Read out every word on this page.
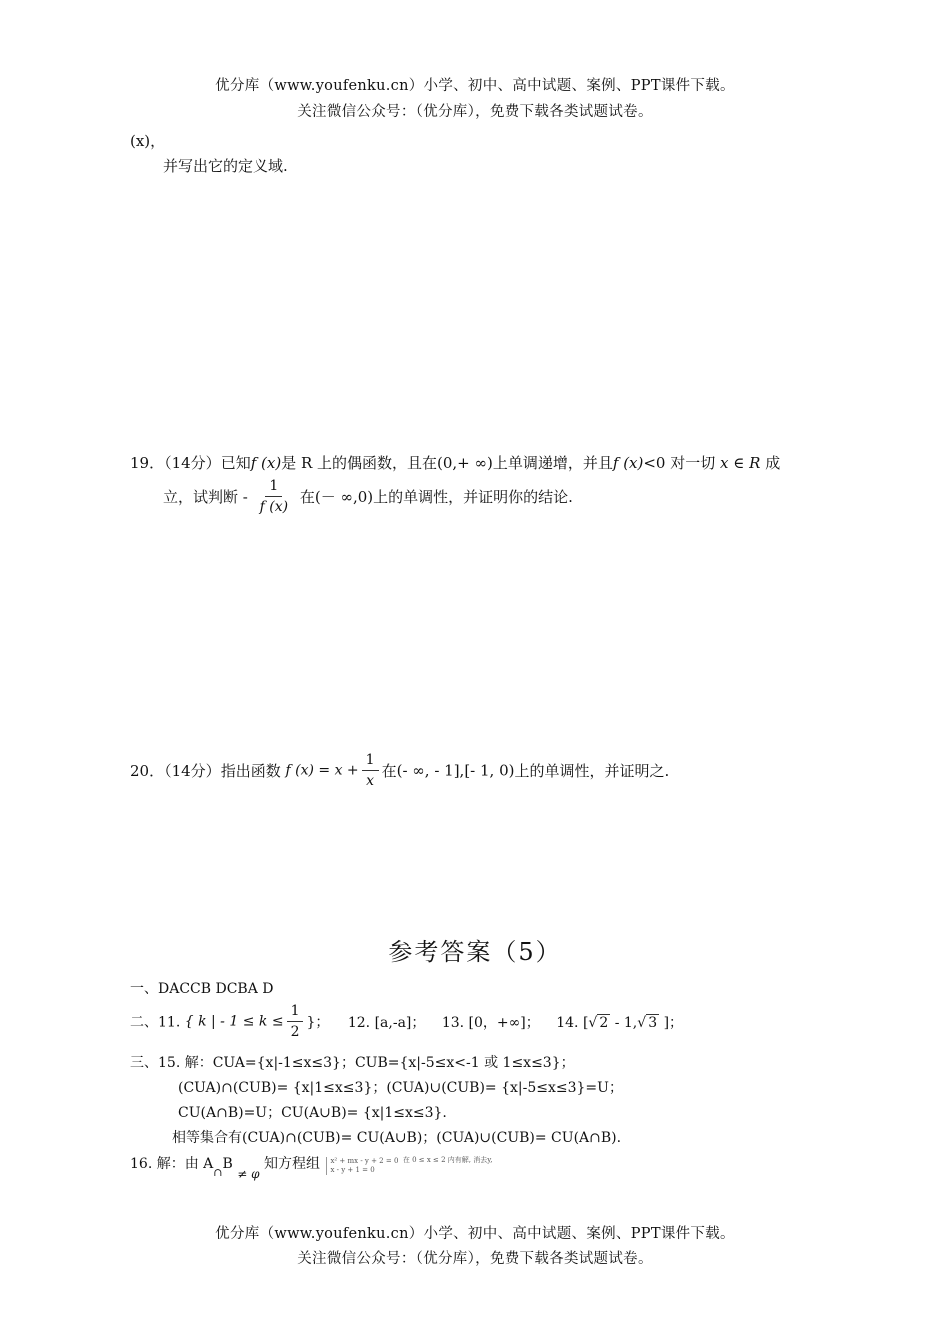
优分库（www.youfenku.cn）小学、初中、高中试题、案例、PPT课件下载。
关注微信公众号：（优分库），免费下载各类试题试卷。
(x)，
并写出它的定义域.
19．（14分）已知f (x)是 R 上的偶函数，且在(0,+ ∞)上单调递增，并且f (x)<0 对一切 x ∈ R 成
立，试判断 - $\frac{1}{f (x)}$ 在(－ ∞,0)上的单调性，并证明你的结论.
20．（14分）指出函数 f $(x) = x + \frac{1}{x}$ 在(- ∞, - 1],[- 1, 0)上的单调性，并证明之.
参考答案（5）
一、DACCB DCBA D
二、11. { k | - $1 \le k \le \frac{1}{2}$ }； 12. [a,-a]； 13. [0，+∞]； 14. [√ 2 - 1,√ 3 ]；
三、15. 解：CUA={x|-1≤x≤3}；CUB={x|-5≤x<-1 或 1≤x≤3}；
(CUA)∩(CUB)= {x|1≤x≤3}；(CUA)∪(CUB)= {x|-5≤x≤3}=U；
CU(A∩B)=U；CU(A∪B)= {x|1≤x≤3}.
相等集合有(CUA)∩(CUB)= CU(A∪B)；(CUA)∪(CUB)= CU(A∩B).
16. 解：由 $A_\cap B \ne \varphi$ 知方程组 x² + mx - y + 2 = 0
x - y + 1 = 0
$^{在 0 \le x \le 2 内有解, 消去y,}$
优分库（www.youfenku.cn）小学、初中、高中试题、案例、PPT课件下载。
关注微信公众号：（优分库），免费下载各类试题试卷。
